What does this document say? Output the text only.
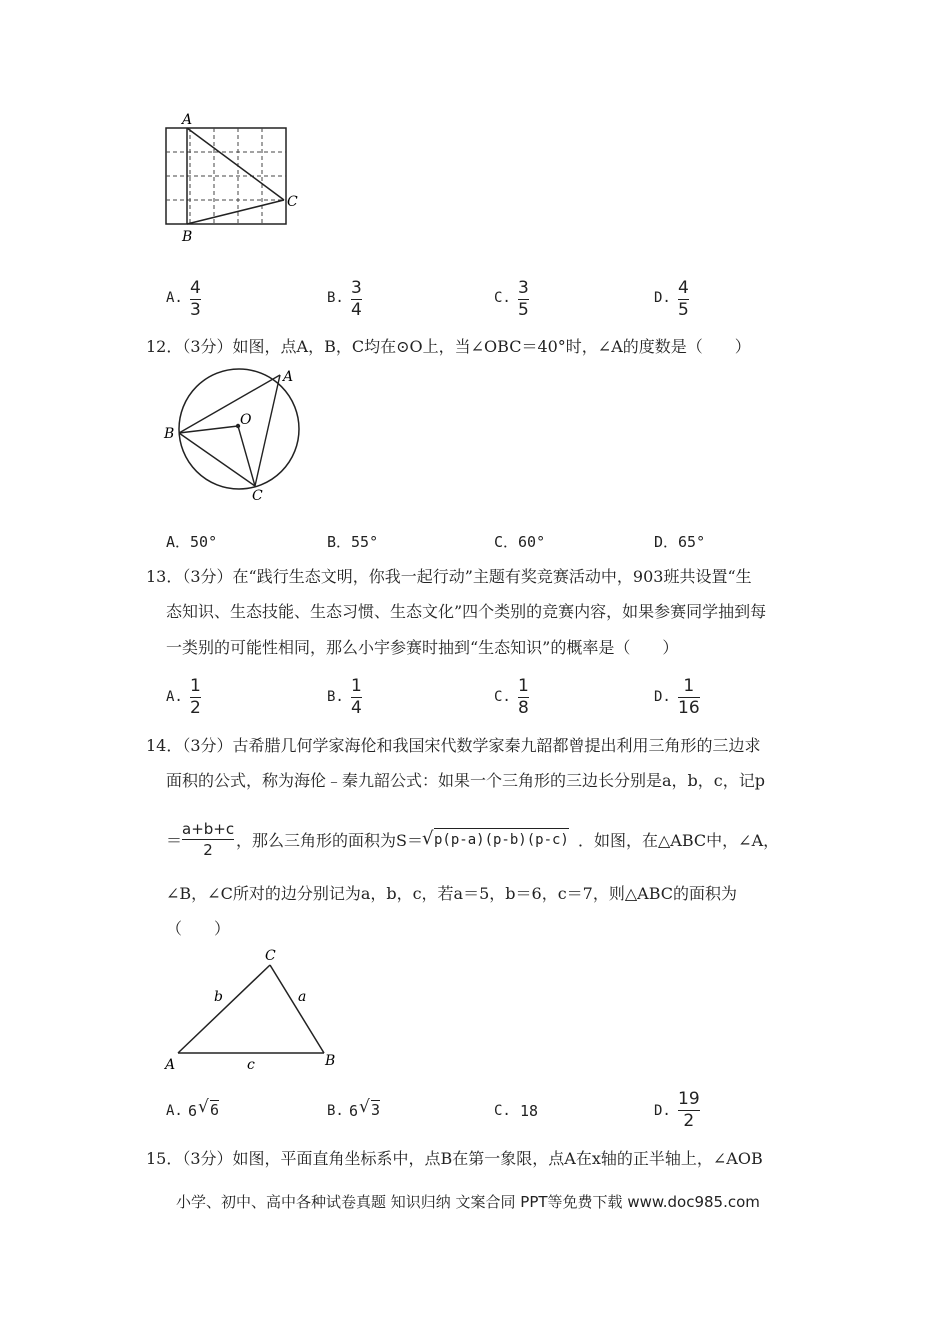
A
B
C
A. 4
3
B. 3
4
C. 3
5
D. 4
5
12．（3分）如图，点A，B，C均在⊙O上，当∠OBC＝40°时，∠A的度数是（　　）
A
B
C
O
A．50°	B．55°	C．60°	D．65°
13．（3分）在“践行生态文明，你我一起行动”主题有奖竞赛活动中，903班共设置“生
态知识、生态技能、生态习惯、生态文化”四个类别的竞赛内容，如果参赛同学抽到每
一类别的可能性相同，那么小宇参赛时抽到“生态知识”的概率是（　　）
A.
1
2
B.
1
4
C.
1
8
D.
1
16
14．（3分）古希腊几何学家海伦和我国宋代数学家秦九韶都曾提出利用三角形的三边求
面积的公式，称为海伦﹣秦九韶公式：如果一个三角形的三边长分别是a，b，c，记p
＝
a+b+c
2 ，那么三角形的面积为S＝ √ p(p-a)(p-b)(p-c) ．如图，在△ABC中，∠A，
∠B，∠C所对的边分别记为a，b，c，若a＝5，b＝6，c＝7，则△ABC的面积为
（　　）
C
A	B
b	a
c
A. 6 √ 6	B. 6 √ 3	C. 18	D.
19
2
15．（3分）如图，平面直角坐标系中，点B在第一象限，点A在x轴的正半轴上，∠AOB
小学、初中、高中各种试卷真题 知识归纳 文案合同 PPT等免费下载 www.doc985.com
